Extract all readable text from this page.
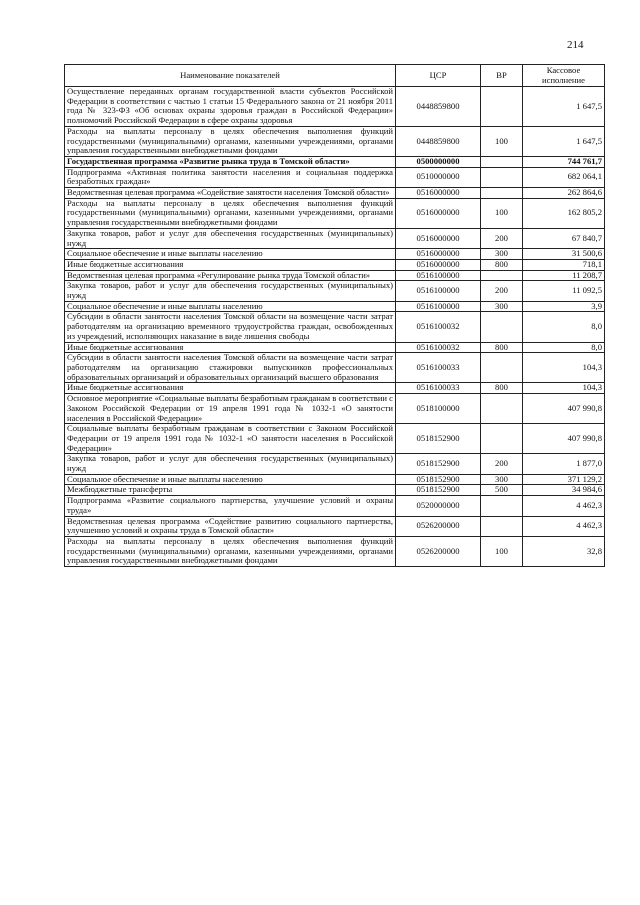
214
Наименование показателей	ЦСР	ВР	Кассовое исполнение
Осуществление переданных органам государственной власти субъектов Российской Федерации в соответствии с частью 1 статьи 15 Федерального закона от 21 ноября 2011 года № 323-ФЗ «Об основах охраны здоровья граждан в Российской Федерации» полномочий Российской Федерации в сфере охраны здоровья	0448859800		1 647,5
Расходы на выплаты персоналу в целях обеспечения выполнения функций государственными (муниципальными) органами, казенными учреждениями, органами управления государственными внебюджетными фондами	0448859800	100	1 647,5
Государственная программа «Развитие рынка труда в Томской области»	0500000000		744 761,7
Подпрограмма «Активная политика занятости населения и социальная поддержка безработных граждан»	0510000000		682 064,1
Ведомственная целевая программа «Содействие занятости населения Томской области»	0516000000		262 864,6
Расходы на выплаты персоналу в целях обеспечения выполнения функций государственными (муниципальными) органами, казенными учреждениями, органами управления государственными внебюджетными фондами	0516000000	100	162 805,2
Закупка товаров, работ и услуг для обеспечения государственных (муниципальных) нужд	0516000000	200	67 840,7
Социальное обеспечение и иные выплаты населению	0516000000	300	31 500,6
Иные бюджетные ассигнования	0516000000	800	718,1
Ведомственная целевая программа «Регулирование рынка труда Томской области»	0516100000		11 208,7
Закупка товаров, работ и услуг для обеспечения государственных (муниципальных) нужд	0516100000	200	11 092,5
Социальное обеспечение и иные выплаты населению	0516100000	300	3,9
Субсидии в области занятости населения Томской области на возмещение части затрат работодателям на организацию временного трудоустройства граждан, освобожденных из учреждений, исполняющих наказание в виде лишения свободы	0516100032		8,0
Иные бюджетные ассигнования	0516100032	800	8,0
Субсидии в области занятости населения Томской области на возмещение части затрат работодателям на организацию стажировки выпускников профессиональных образовательных организаций и образовательных организаций высшего образования	0516100033		104,3
Иные бюджетные ассигнования	0516100033	800	104,3
Основное мероприятие «Социальные выплаты безработным гражданам в соответствии с Законом Российской Федерации от 19 апреля 1991 года № 1032-1 «О занятости населения в Российской Федерации»	0518100000		407 990,8
Социальные выплаты безработным гражданам в соответствии с Законом Российской Федерации от 19 апреля 1991 года № 1032-1 «О занятости населения в Российской Федерации»	0518152900		407 990,8
Закупка товаров, работ и услуг для обеспечения государственных (муниципальных) нужд	0518152900	200	1 877,0
Социальное обеспечение и иные выплаты населению	0518152900	300	371 129,2
Межбюджетные трансферты	0518152900	500	34 984,6
Подпрограмма «Развитие социального партнерства, улучшение условий и охраны труда»	0520000000		4 462,3
Ведомственная целевая программа «Содействие развитию социального партнерства, улучшению условий и охраны труда в Томской области»	0526200000		4 462,3
Расходы на выплаты персоналу в целях обеспечения выполнения функций государственными (муниципальными) органами, казенными учреждениями, органами управления государственными внебюджетными фондами	0526200000	100	32,8
